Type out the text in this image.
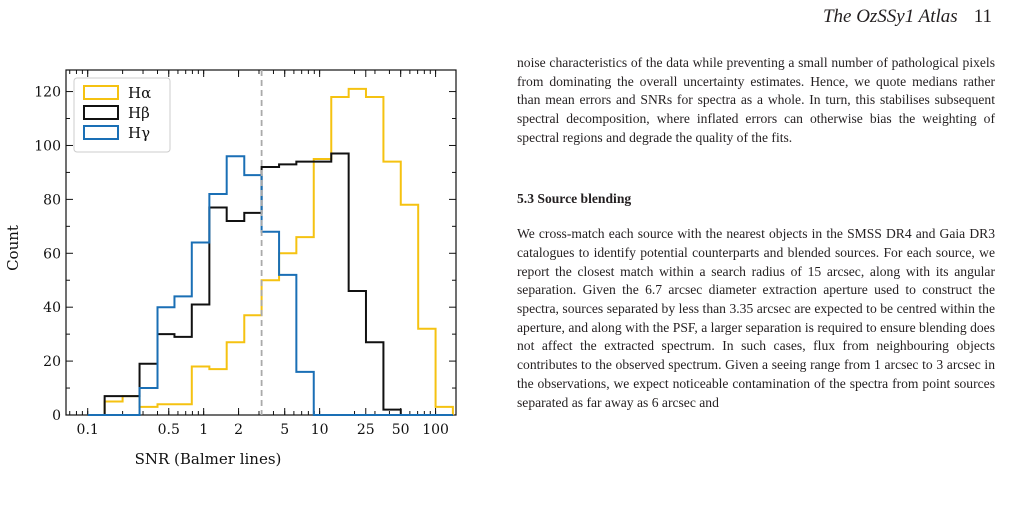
The OzSSy1 Atlas 11
0
20
40
60
80
100
120
0.1	0.5 1 2	5 10 25 50 100
Hα
Hβ
Hγ
SNR (Balmer lines)
Count

noise characteristics of the data while preventing a small number of pathological pixels from dominating the overall uncertainty estimates. Hence, we quote medians rather than mean errors and SNRs for spectra as a whole. In turn, this stabilises subsequent spectral decomposition, where inflated errors can otherwise bias the weighting of spectral regions and degrade the quality of the fits.

5.3 Source blending

We cross-match each source with the nearest objects in the SMSS DR4 and Gaia DR3 catalogues to identify potential counterparts and blended sources. For each source, we report the closest match within a search radius of 15 arcsec, along with its angular separation. Given the 6.7 arcsec diameter extraction aperture used to construct the spectra, sources separated by less than 3.35 arcsec are expected to be centred within the aperture, and along with the PSF, a larger separation is required to ensure blending does not affect the extracted spectrum. In such cases, flux from neighbouring objects contributes to the observed spectrum. Given a seeing range from 1 arcsec to 3 arcsec in the observations, we expect noticeable contamination of the spectra from point sources separated as far away as 6 arcsec and
